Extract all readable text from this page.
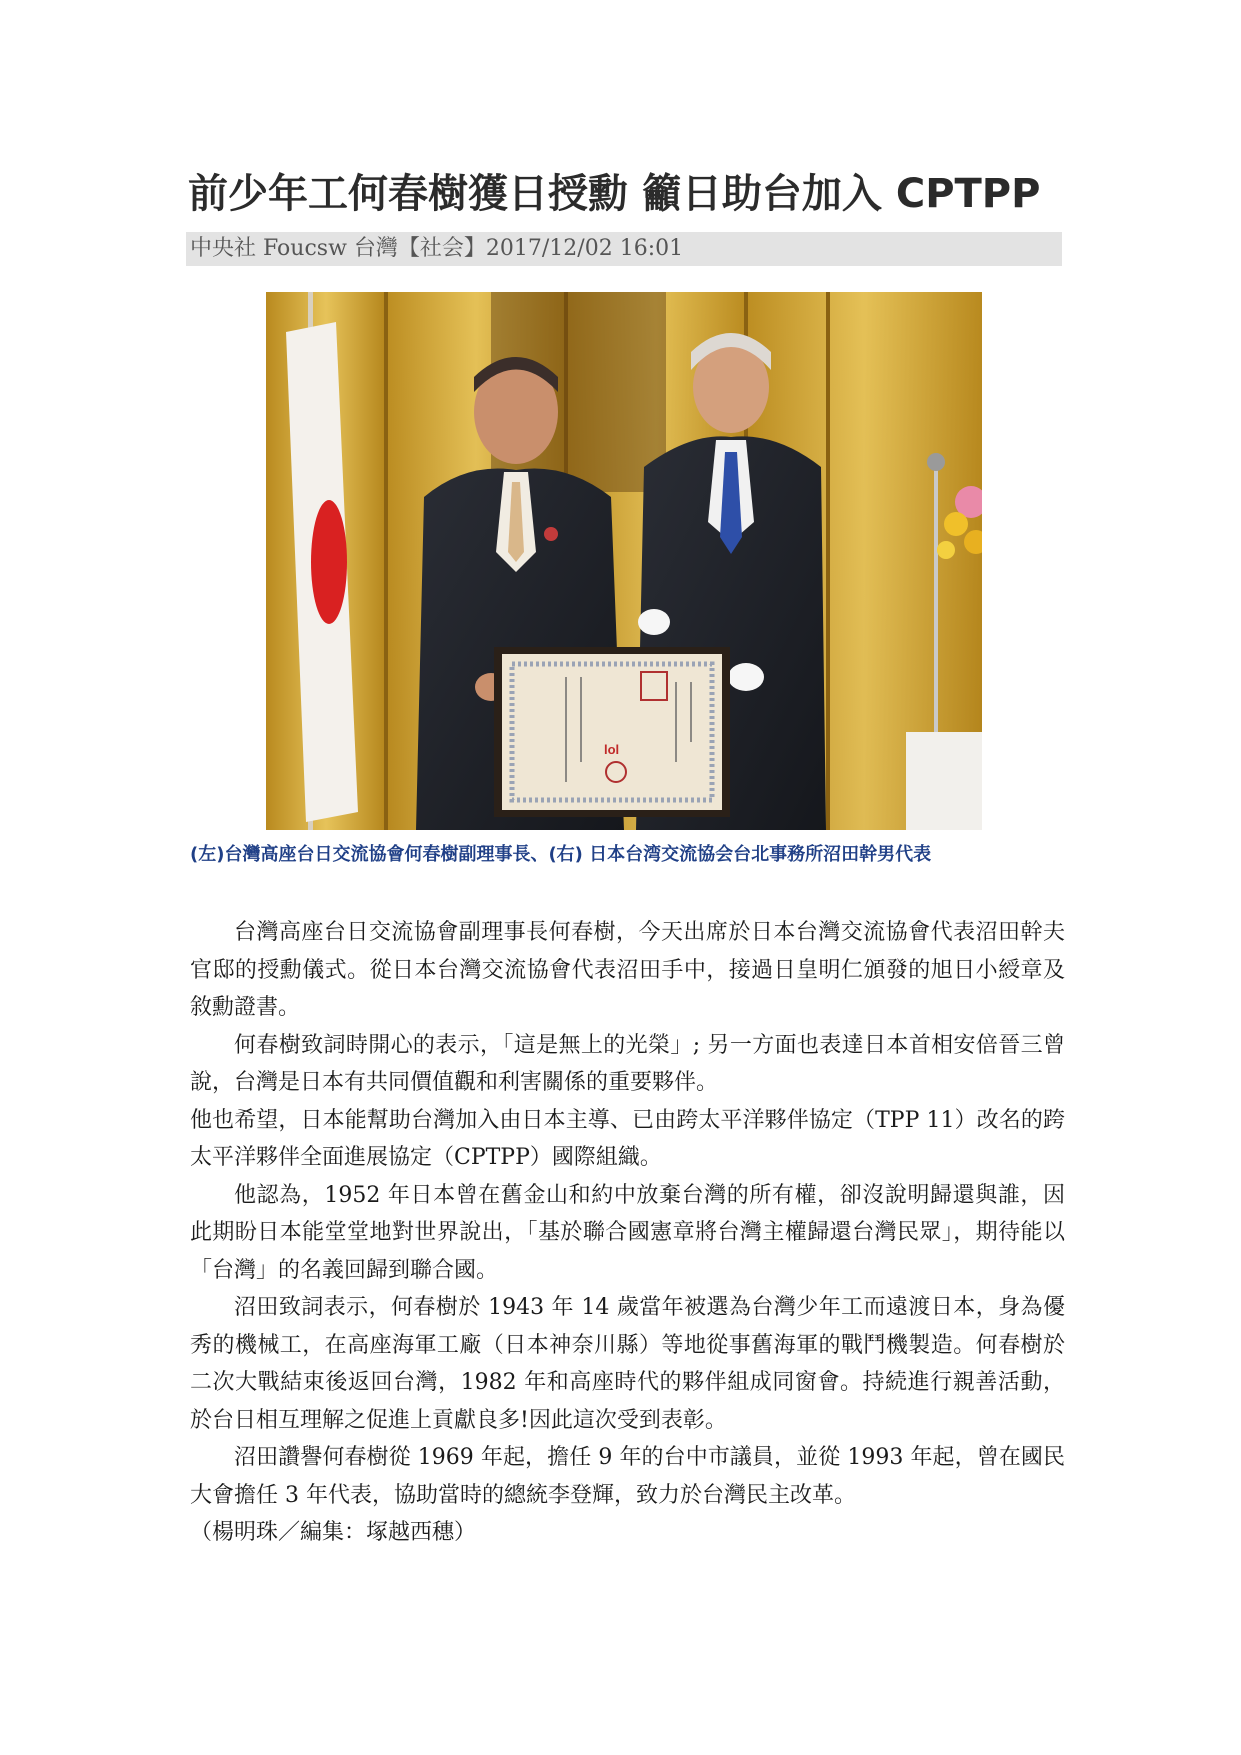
前少年工何春樹獲日授勳 籲日助台加入 CPTPP
中央社 Foucsw 台灣【社会】2017/12/02 16:01
lol
(左)台灣高座台日交流協會何春樹副理事長、(右) 日本台湾交流協会台北事務所沼田幹男代表

台灣高座台日交流協會副理事長何春樹，今天出席於日本台灣交流協會代表沼田幹夫官邸的授勳儀式。從日本台灣交流協會代表沼田手中，接過日皇明仁頒發的旭日小綬章及敘勳證書。

何春樹致詞時開心的表示，「這是無上的光榮」; 另一方面也表達日本首相安倍晉三曾說，台灣是日本有共同價值觀和利害關係的重要夥伴。

他也希望，日本能幫助台灣加入由日本主導、已由跨太平洋夥伴協定（TPP 11）改名的跨太平洋夥伴全面進展協定（CPTPP）國際組織。

他認為，1952 年日本曾在舊金山和約中放棄台灣的所有權，卻沒說明歸還與誰，因此期盼日本能堂堂地對世界說出，「基於聯合國憲章將台灣主權歸還台灣民眾」，期待能以「台灣」的名義回歸到聯合國。

沼田致詞表示，何春樹於 1943 年 14 歲當年被選為台灣少年工而遠渡日本，身為優秀的機械工，在高座海軍工廠（日本神奈川縣）等地從事舊海軍的戰鬥機製造。何春樹於二次大戰結束後返回台灣，1982 年和高座時代的夥伴組成同窗會。持続進行親善活動，於台日相互理解之促進上貢獻良多!因此這次受到表彰。

沼田讚譽何春樹從 1969 年起，擔任 9 年的台中市議員，並從 1993 年起，曾在國民大會擔任 3 年代表，協助當時的總統李登輝，致力於台灣民主改革。

（楊明珠／編集：塚越西穗）
